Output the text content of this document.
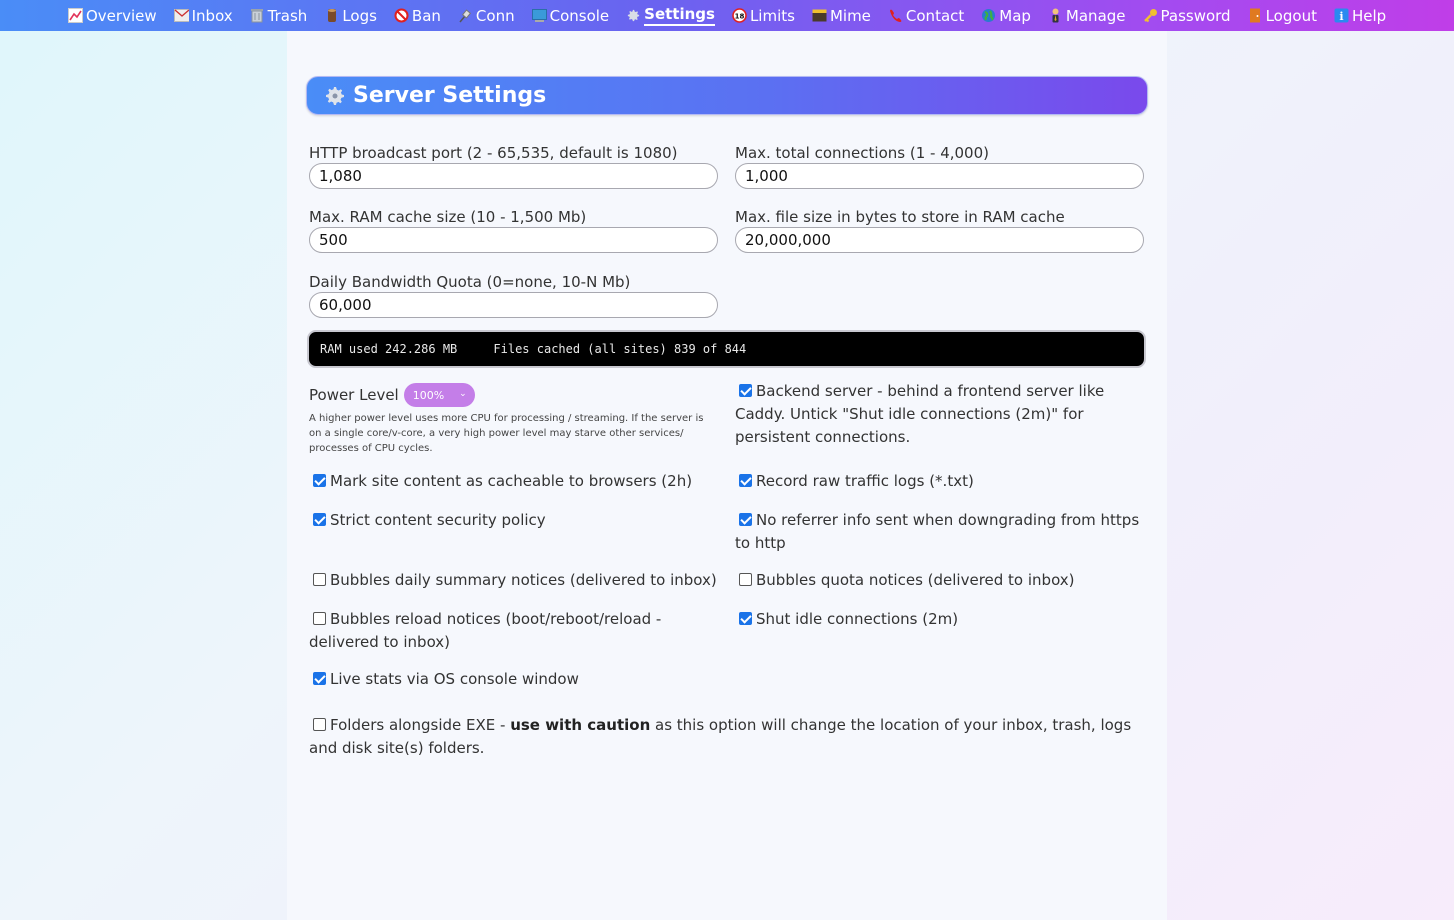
Overview Inbox Trash Logs Ban Conn Console Settings	18 Limits Mime Contact Map Manage Password Logout i Help
Server Settings
HTTP broadcast port (2 - 65,535, default is 1080)
1,080	Max. total connections (1 - 4,000)
1,000
Max. RAM cache size (10 - 1,500 Mb)
500	Max. file size in bytes to store in RAM cache
20,000,000
Daily Bandwidth Quota (0=none, 10-N Mb)
60,000
RAM used 242.286 MB     Files cached (all sites) 839 of 844
Power Level
100%	⌄
A higher power level uses more CPU for processing / streaming. If the server is on a single core/v-core, a very high power level may starve other services/ processes of CPU cycles.
Backend server - behind a frontend server like Caddy. Untick "Shut idle connections (2m)" for persistent connections.
Mark site content as cacheable to browsers (2h)	Record raw traffic logs (*.txt)
Strict content security policy	No referrer info sent when downgrading from https to http
Bubbles daily summary notices (delivered to inbox)	Bubbles quota notices (delivered to inbox)
Bubbles reload notices (boot/reboot/reload - delivered to inbox)
Shut idle connections (2m)
Live stats via OS console window
Folders alongside EXE - use with caution as this option will change the location of your inbox, trash, logs and disk site(s) folders.
